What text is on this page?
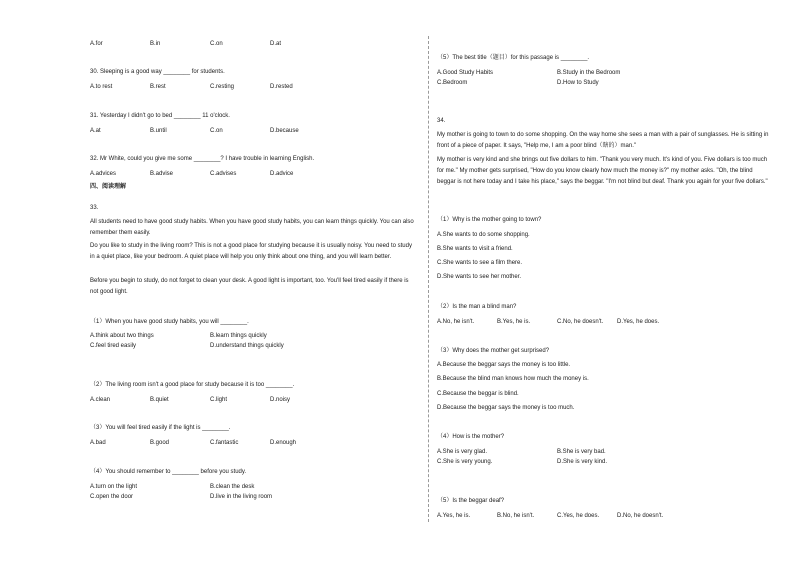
A.for	B.in	C.on	D.at
30. Sleeping is a good way ________ for students.
A.to rest	B.rest	C.resting	D.rested
31. Yesterday I didn't go to bed ________ 11 o'clock.
A.at	B.until	C.on	D.because
32. Mr White, could you give me some ________? I have trouble in learning English.
A.advices	B.advise	C.advises	D.advice
四、阅读理解
33.
All students need to have good study habits. When you have good study habits, you can learn things quickly. You can also remember them easily.
Do you like to study in the living room? This is not a good place for studying because it is usually noisy. You need to study in a quiet place, like your bedroom. A quiet place will help you only think about one thing, and you will learn better.
Before you begin to study, do not forget to clean your desk. A good light is important, too. You'll feel tired easily if there is not good light.
（1）When you have good study habits, you will ________.
A.think about two things	B.learn things quickly
C.feel tired easily	D.understand things quickly
（2）The living room isn't a good place for study because it is too ________.
A.clean	B.quiet	C.light	D.noisy
（3）You will feel tired easily if the light is ________.
A.bad	B.good	C.fantastic	D.enough
（4）You should remember to ________ before you study.
A.turn on the light	B.clean the desk
C.open the door	D.live in the living room
（5）The best title（题目）for this passage is ________.
A.Good Study Habits	B.Study in the Bedroom
C.Bedroom	D.How to Study
34.
My mother is going to town to do some shopping. On the way home she sees a man with a pair of sunglasses. He is sitting in front of a piece of paper. It says, "Help me, I am a poor blind（瞎的）man."
My mother is very kind and she brings out five dollars to him. "Thank you very much. It's kind of you. Five dollars is too much for me." My mother gets surprised, "How do you know clearly how much the money is?" my mother asks. "Oh, the blind beggar is not here today and I take his place," says the beggar. "I'm not blind but deaf. Thank you again for your five dollars."
（1）Why is the mother going to town?
A.She wants to do some shopping.
B.She wants to visit a friend.
C.She wants to see a film there.
D.She wants to see her mother.
（2）Is the man a blind man?
A.No, he isn't.	B.Yes, he is.	C.No, he doesn't. D.Yes, he does.
（3）Why does the mother get surprised?
A.Because the beggar says the money is too little.
B.Because the blind man knows how much the money is.
C.Because the beggar is blind.
D.Because the beggar says the money is too much.
（4）How is the mother?
A.She is very glad.	B.She is very bad.
C.She is very young.	D.She is very kind.
（5）Is the beggar deaf?
A.Yes, he is.	B.No, he isn't.	C.Yes, he does.	D.No, he doesn't.
